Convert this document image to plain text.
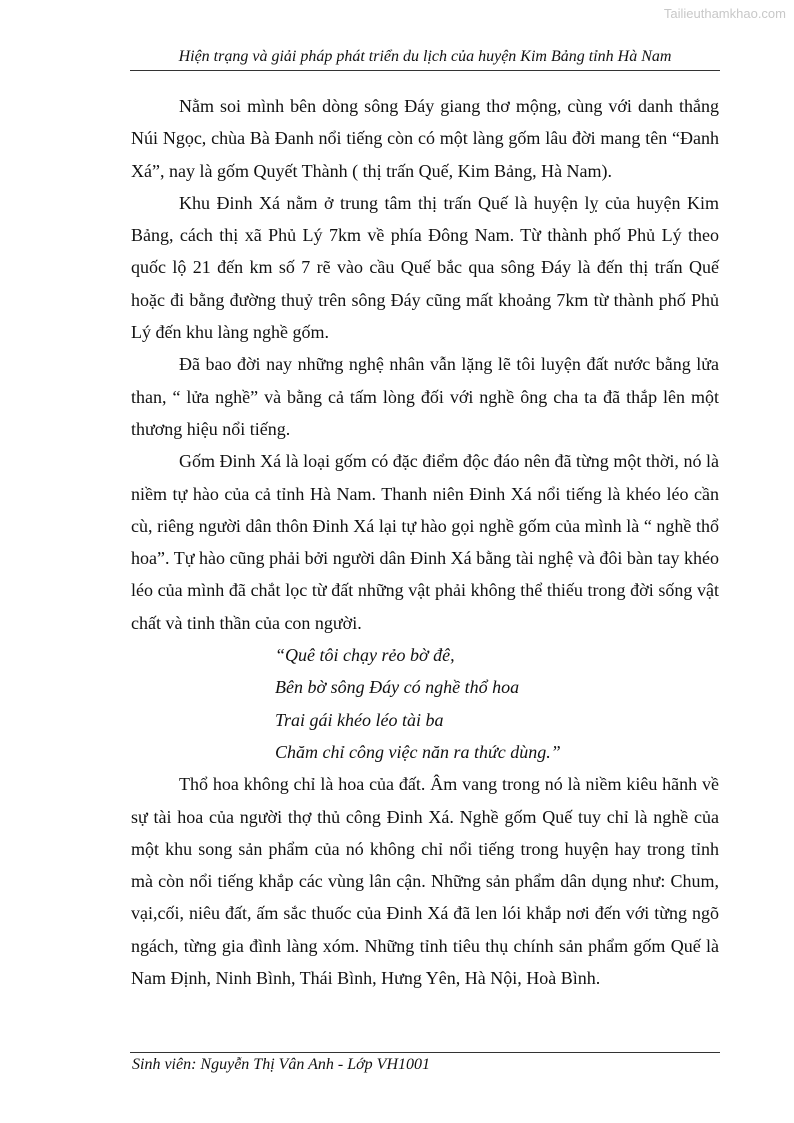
Tailieuthamkhao.com
Hiện trạng và giải pháp phát triển du lịch của huyện Kim Bảng tỉnh Hà Nam

Nằm soi mình bên dòng sông Đáy giang thơ mộng, cùng với danh thắng Núi Ngọc, chùa Bà Đanh nổi tiếng còn có một làng gốm lâu đời mang tên “Đanh Xá”, nay là gốm Quyết Thành ( thị trấn Quế, Kim Bảng, Hà Nam).

Khu Đinh Xá nằm ở trung tâm thị trấn Quế là huyện lỵ của huyện Kim Bảng, cách thị xã Phủ Lý 7km về phía Đông Nam. Từ thành phố Phủ Lý theo quốc lộ 21 đến km số 7 rẽ vào cầu Quế bắc qua sông Đáy là đến thị trấn Quế hoặc đi bằng đường thuỷ trên sông Đáy cũng mất khoảng 7km từ thành phố Phủ Lý đến khu làng nghề gốm.

Đã bao đời nay những nghệ nhân vẫn lặng lẽ tôi luyện đất nước bằng lửa than, “ lửa nghề” và bằng cả tấm lòng đối với nghề ông cha ta đã thắp lên một thương hiệu nổi tiếng.

Gốm Đinh Xá là loại gốm có đặc điểm độc đáo nên đã từng một thời, nó là niềm tự hào của cả tỉnh Hà Nam. Thanh niên Đinh Xá nổi tiếng là khéo léo cần cù, riêng người dân thôn Đinh Xá lại tự hào gọi nghề gốm của mình là “ nghề thổ hoa”. Tự hào cũng phải bởi người dân Đinh Xá bằng tài nghệ và đôi bàn tay khéo léo của mình đã chắt lọc từ đất những vật phải không thể thiếu trong đời sống vật chất và tinh thần của con người.

“Quê tôi chạy rẻo bờ đê,
Bên bờ sông Đáy có nghề thổ hoa
Trai gái khéo léo tài ba
Chăm chỉ công việc năn ra thức dùng.”

Thổ hoa không chỉ là hoa của đất. Âm vang trong nó là niềm kiêu hãnh về sự tài hoa của người thợ thủ công Đinh Xá. Nghề gốm Quế tuy chỉ là nghề của một khu song sản phẩm của nó không chỉ nổi tiếng trong huyện hay trong tỉnh mà còn nổi tiếng khắp các vùng lân cận. Những sản phẩm dân dụng như: Chum, vại,cối, niêu đất, ấm sắc thuốc của Đinh Xá đã len lói khắp nơi đến với từng ngõ ngách, từng gia đình làng xóm. Những tỉnh tiêu thụ chính sản phẩm gốm Quế là Nam Định, Ninh Bình, Thái Bình, Hưng Yên, Hà Nội, Hoà Bình.

Sinh viên: Nguyễn Thị Vân Anh - Lớp VH1001
